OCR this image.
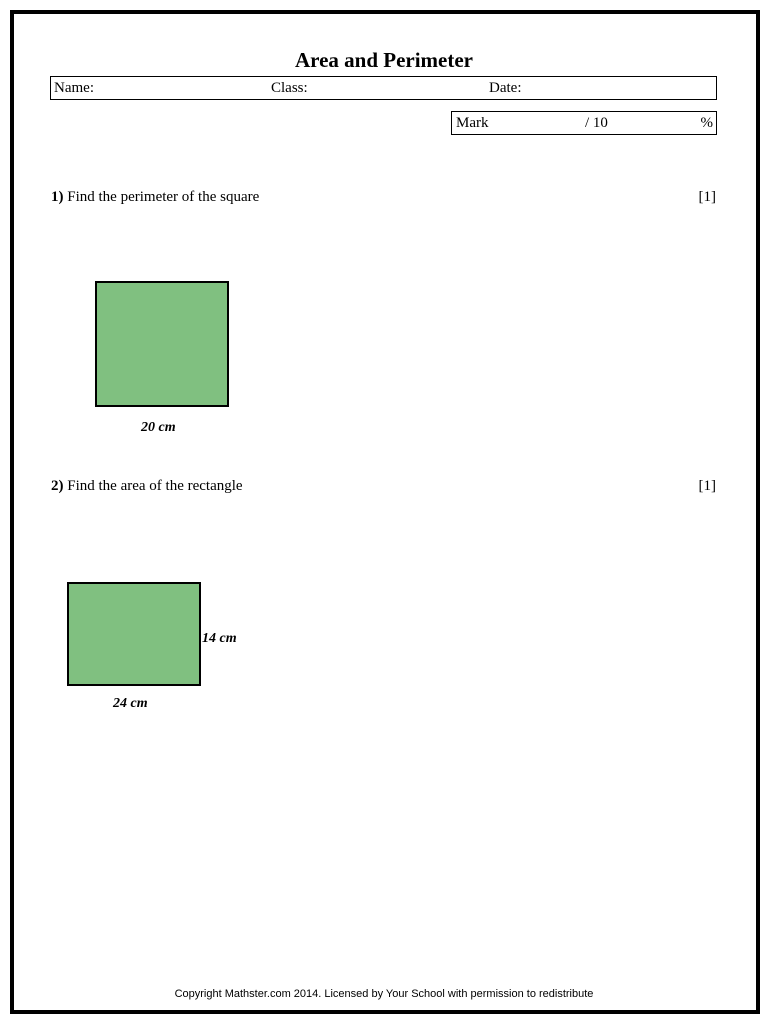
Area and Perimeter
Name:	Class:	Date:
Mark	/ 10	%
1) Find the perimeter of the square	[1]
20 cm
2) Find the area of the rectangle	[1]
14 cm
24 cm
Copyright Mathster.com 2014. Licensed by Your School with permission to redistribute
